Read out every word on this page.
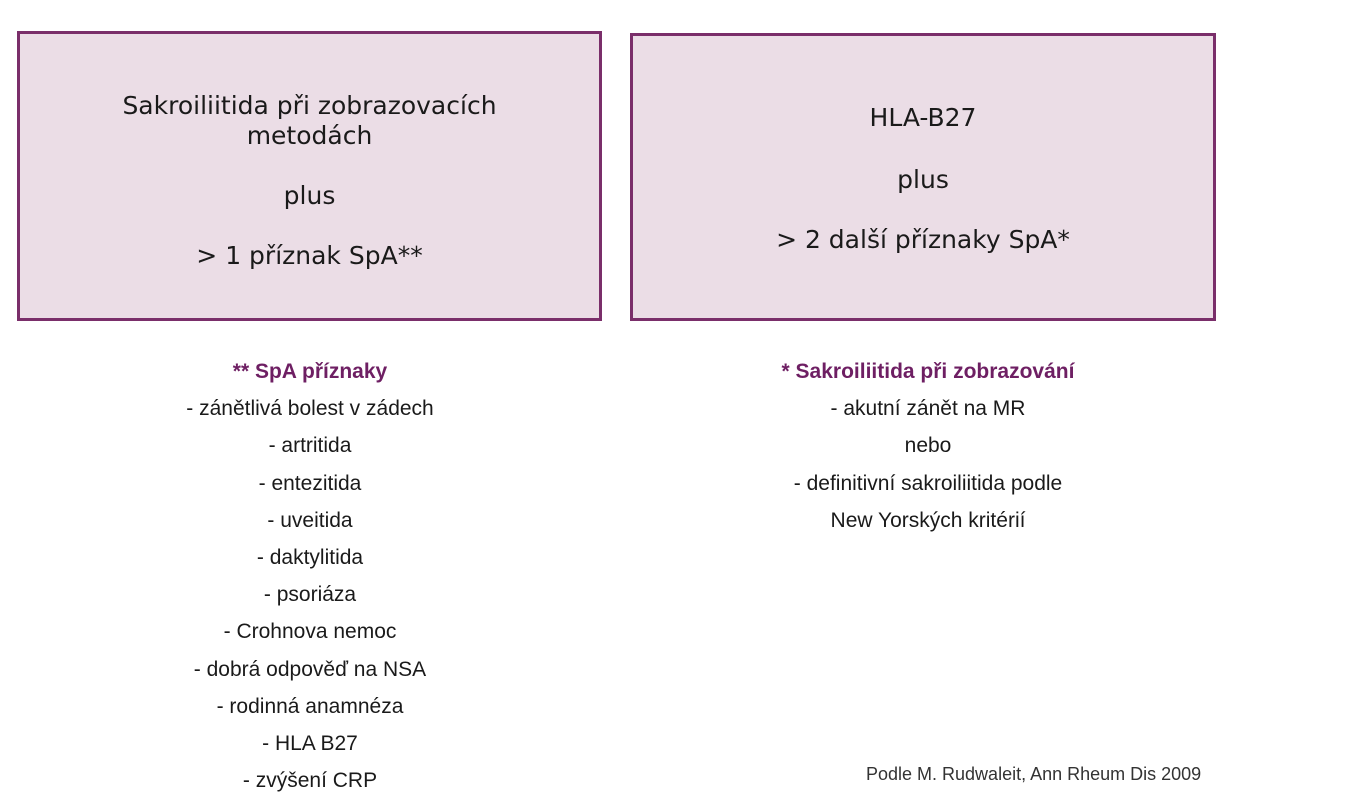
Sakroiliitida při zobrazovacích
metodách
plus
> 1 příznak SpA**
HLA-B27
plus
> 2 další příznaky SpA*
** SpA příznaky
- zánětlivá bolest v zádech
- artritida
- entezitida
- uveitida
- daktylitida
- psoriáza
- Crohnova nemoc
- dobrá odpověď na NSA
- rodinná anamnéza
- HLA B27
- zvýšení CRP
* Sakroiliitida při zobrazování
- akutní zánět na MR
nebo
- definitivní sakroiliitida podle
New Yorských kritérií
Podle M. Rudwaleit, Ann Rheum Dis 2009
